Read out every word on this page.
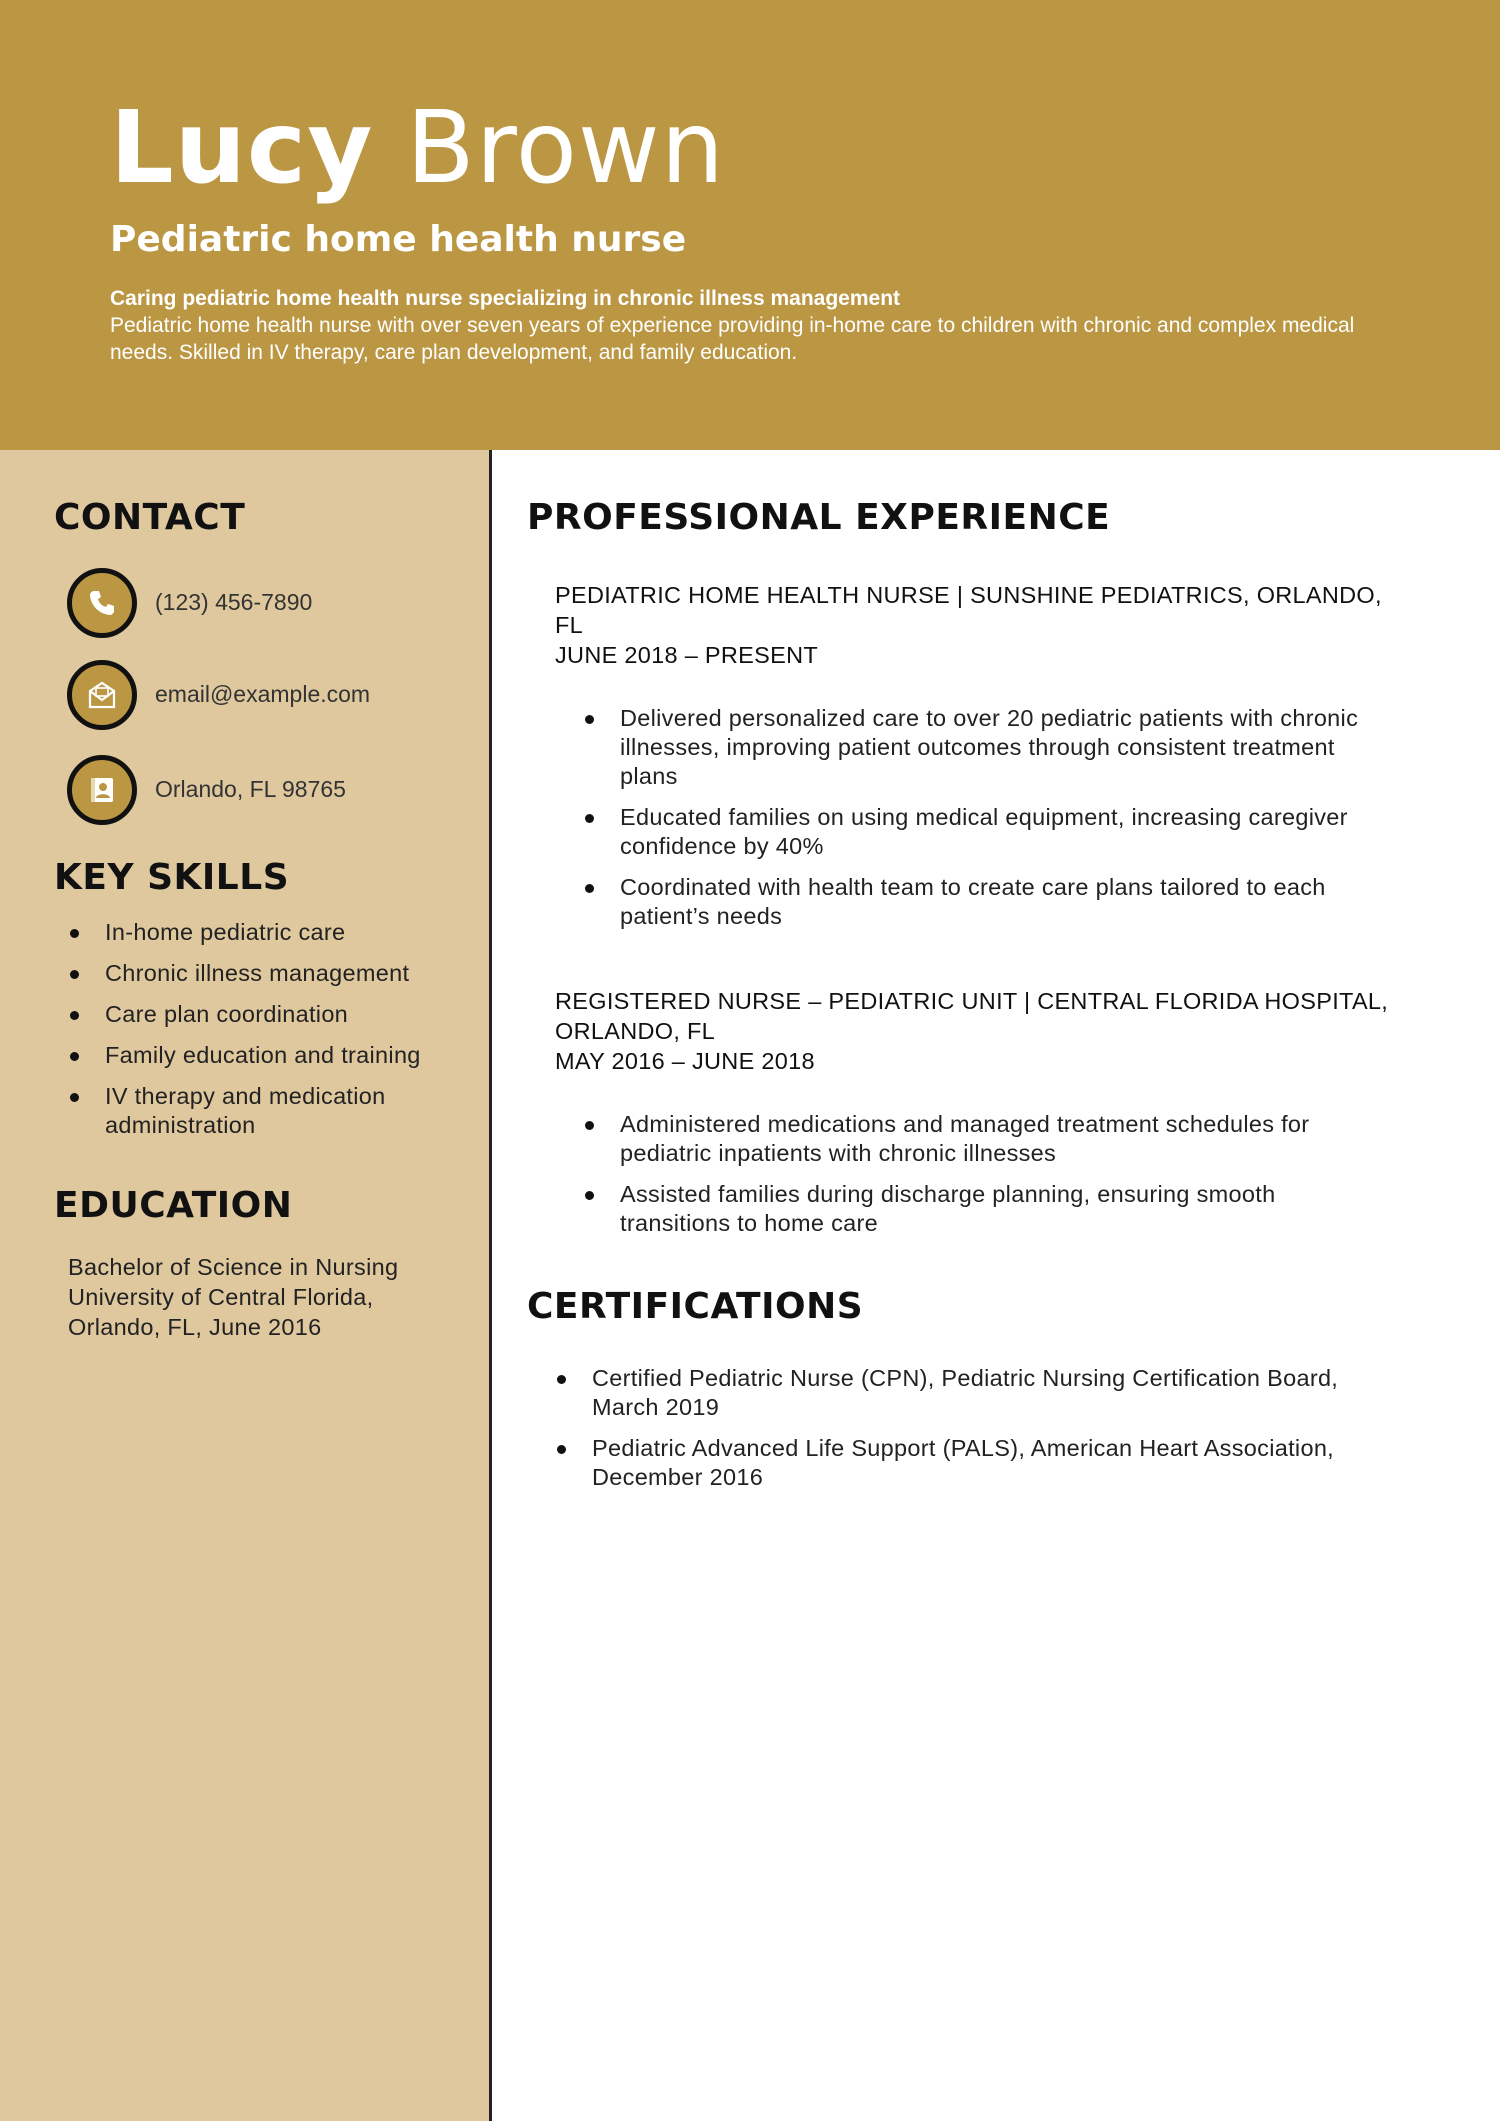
Lucy Brown
Pediatric home health nurse
Caring pediatric home health nurse specializing in chronic illness management
Pediatric home health nurse with over seven years of experience providing in-home care to children with chronic and complex medical needs. Skilled in IV therapy, care plan development, and family education.
CONTACT
(123) 456-7890
email@example.com
Orlando, FL 98765
KEY SKILLS
In-home pediatric care
Chronic illness management
Care plan coordination
Family education and training
IV therapy and medication administration
EDUCATION
Bachelor of Science in Nursing
University of Central Florida,
Orlando, FL, June 2016
PROFESSIONAL EXPERIENCE
PEDIATRIC HOME HEALTH NURSE | SUNSHINE PEDIATRICS, ORLANDO, FL
JUNE 2018 – PRESENT
Delivered personalized care to over 20 pediatric patients with chronic illnesses, improving patient outcomes through consistent treatment plans
Educated families on using medical equipment, increasing caregiver confidence by 40%
Coordinated with health team to create care plans tailored to each patient’s needs
REGISTERED NURSE – PEDIATRIC UNIT | CENTRAL FLORIDA HOSPITAL, ORLANDO, FL
MAY 2016 – JUNE 2018
Administered medications and managed treatment schedules for pediatric inpatients with chronic illnesses
Assisted families during discharge planning, ensuring smooth transitions to home care
CERTIFICATIONS
Certified Pediatric Nurse (CPN), Pediatric Nursing Certification Board, March 2019
Pediatric Advanced Life Support (PALS), American Heart Association, December 2016
